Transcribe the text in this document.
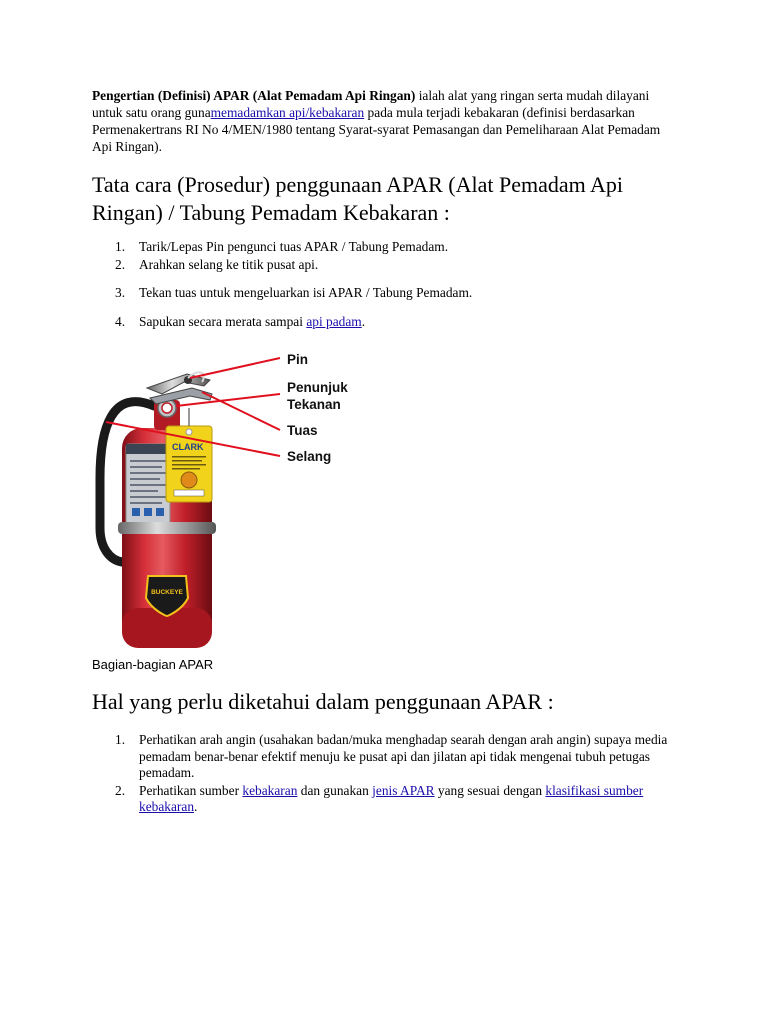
Pengertian (Definisi) APAR (Alat Pemadam Api Ringan) ialah alat yang ringan serta mudah dilayani untuk satu orang gunamemadamkan api/kebakaran pada mula terjadi kebakaran (definisi berdasarkan Permenakertrans RI No 4/MEN/1980 tentang Syarat-syarat Pemasangan dan Pemeliharaan Alat Pemadam Api Ringan).

Tata cara (Prosedur) penggunaan APAR (Alat Pemadam Api Ringan) / Tabung Pemadam Kebakaran :
1. Tarik/Lepas Pin pengunci tuas APAR / Tabung Pemadam.
2. Arahkan selang ke titik pusat api.
3. Tekan tuas untuk mengeluarkan isi APAR / Tabung Pemadam.
4. Sapukan secara merata sampai api padam.
CLARK
BUCKEYE
Pin
Penunjuk
Tekanan
Tuas
Selang
Bagian-bagian APAR
Hal yang perlu diketahui dalam penggunaan APAR :
1. Perhatikan arah angin (usahakan badan/muka menghadap searah dengan arah angin) supaya media pemadam benar-benar efektif menuju ke pusat api dan jilatan api tidak mengenai tubuh petugas pemadam.
2. Perhatikan sumber kebakaran dan gunakan jenis APAR yang sesuai dengan klasifikasi sumber kebakaran.
